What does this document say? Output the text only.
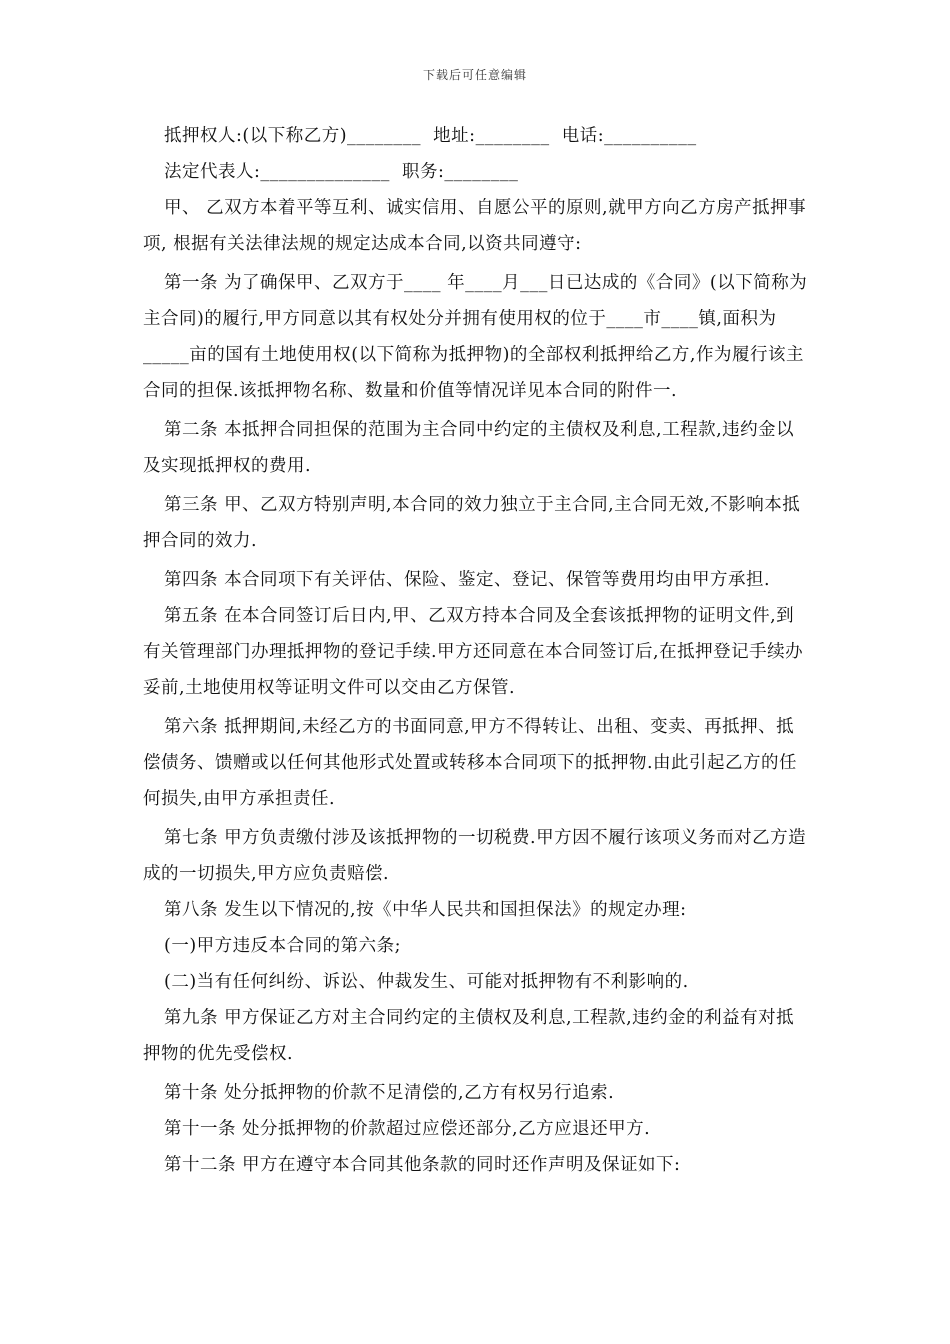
下载后可任意编辑
抵押权人:(以下称乙方)________  地址:________  电话:__________
法定代表人:______________  职务:________

甲、 乙双方本着平等互利、诚实信用、自愿公平的原则,就甲方向乙方房产抵押事项, 根据有关法律法规的规定达成本合同,以资共同遵守:

第一条 为了确保甲、乙双方于____ 年____月___日已达成的《合同》(以下简称为主合同)的履行,甲方同意以其有权处分并拥有使用权的位于____市____镇,面积为_____亩的国有土地使用权(以下简称为抵押物)的全部权利抵押给乙方,作为履行该主合同的担保.该抵押物名称、数量和价值等情况详见本合同的附件一.

第二条 本抵押合同担保的范围为主合同中约定的主债权及利息,工程款,违约金以及实现抵押权的费用.

第三条 甲、乙双方特别声明,本合同的效力独立于主合同,主合同无效,不影响本抵押合同的效力.

第四条 本合同项下有关评估、保险、鉴定、登记、保管等费用均由甲方承担.

第五条 在本合同签订后日内,甲、乙双方持本合同及全套该抵押物的证明文件,到有关管理部门办理抵押物的登记手续.甲方还同意在本合同签订后,在抵押登记手续办妥前,土地使用权等证明文件可以交由乙方保管.

第六条 抵押期间,未经乙方的书面同意,甲方不得转让、出租、变卖、再抵押、抵偿债务、馈赠或以任何其他形式处置或转移本合同项下的抵押物.由此引起乙方的任何损失,由甲方承担责任.

第七条 甲方负责缴付涉及该抵押物的一切税费.甲方因不履行该项义务而对乙方造成的一切损失,甲方应负责赔偿.

第八条 发生以下情况的,按《中华人民共和国担保法》的规定办理:

(一)甲方违反本合同的第六条;

(二)当有任何纠纷、诉讼、仲裁发生、可能对抵押物有不利影响的.

第九条 甲方保证乙方对主合同约定的主债权及利息,工程款,违约金的利益有对抵押物的优先受偿权.

第十条 处分抵押物的价款不足清偿的,乙方有权另行追索.

第十一条 处分抵押物的价款超过应偿还部分,乙方应退还甲方.

第十二条 甲方在遵守本合同其他条款的同时还作声明及保证如下:
